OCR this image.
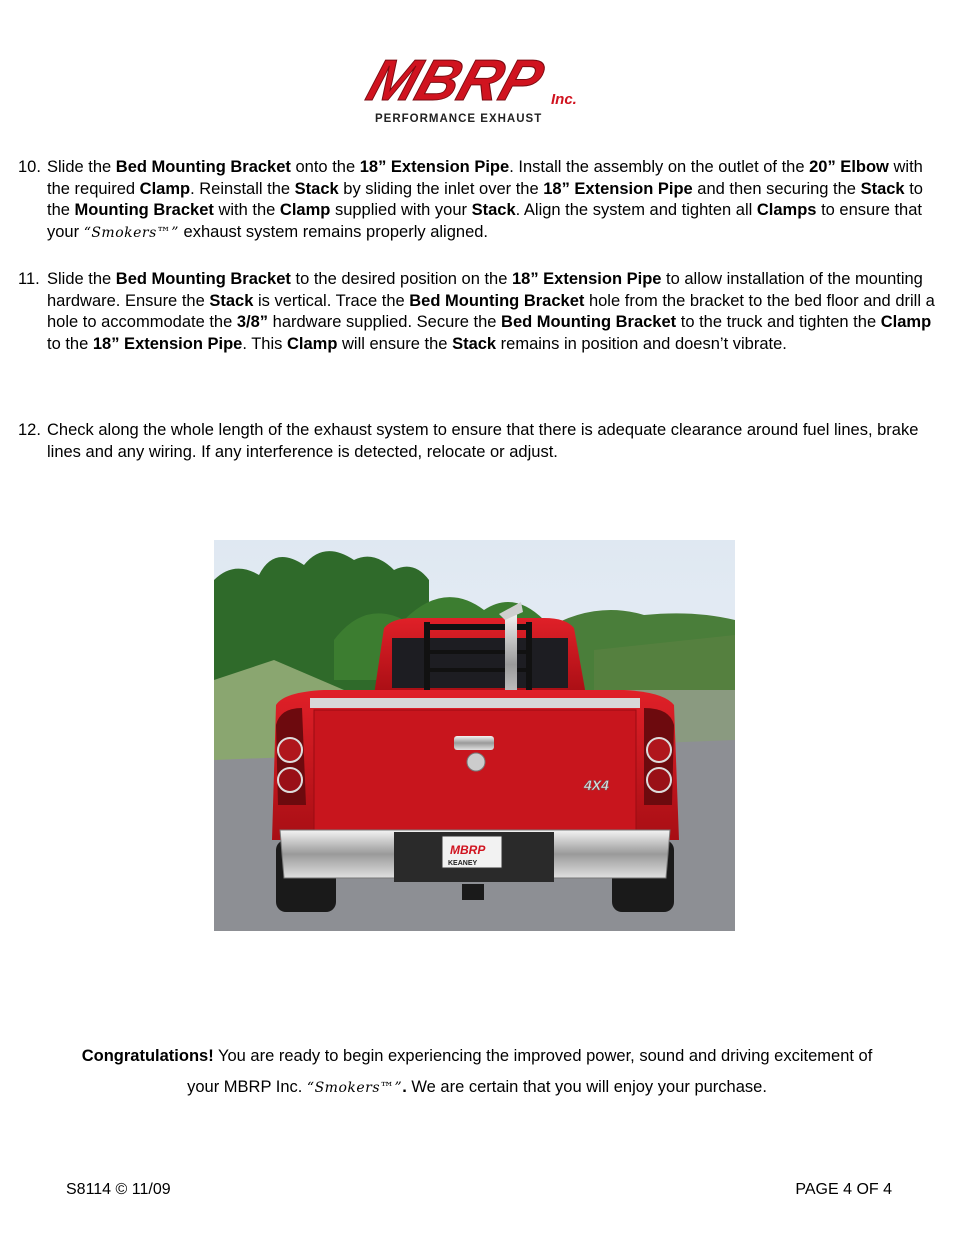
MBRP Inc.
PERFORMANCE EXHAUST
10. Slide the Bed Mounting Bracket onto the 18” Extension Pipe. Install the assembly on the outlet of the 20” Elbow with the required Clamp. Reinstall the Stack by sliding the inlet over the 18” Extension Pipe and then securing the Stack to the Mounting Bracket with the Clamp supplied with your Stack. Align the system and tighten all Clamps to ensure that your “Smokers™” exhaust system remains properly aligned.
11. Slide the Bed Mounting Bracket to the desired position on the 18” Extension Pipe to allow installation of the mounting hardware. Ensure the Stack is vertical. Trace the Bed Mounting Bracket hole from the bracket to the bed floor and drill a hole to accommodate the 3/8” hardware supplied. Secure the Bed Mounting Bracket to the truck and tighten the Clamp to the 18” Extension Pipe. This Clamp will ensure the Stack remains in position and doesn’t vibrate.
12. Check along the whole length of the exhaust system to ensure that there is adequate clearance around fuel lines, brake lines and any wiring. If any interference is detected, relocate or adjust.
4X4
MBRP
KEANEY
Congratulations! You are ready to begin experiencing the improved power, sound and driving excitement of
your MBRP Inc. “Smokers™”. We are certain that you will enjoy your purchase.
S8114 © 11/09	PAGE 4 OF 4
